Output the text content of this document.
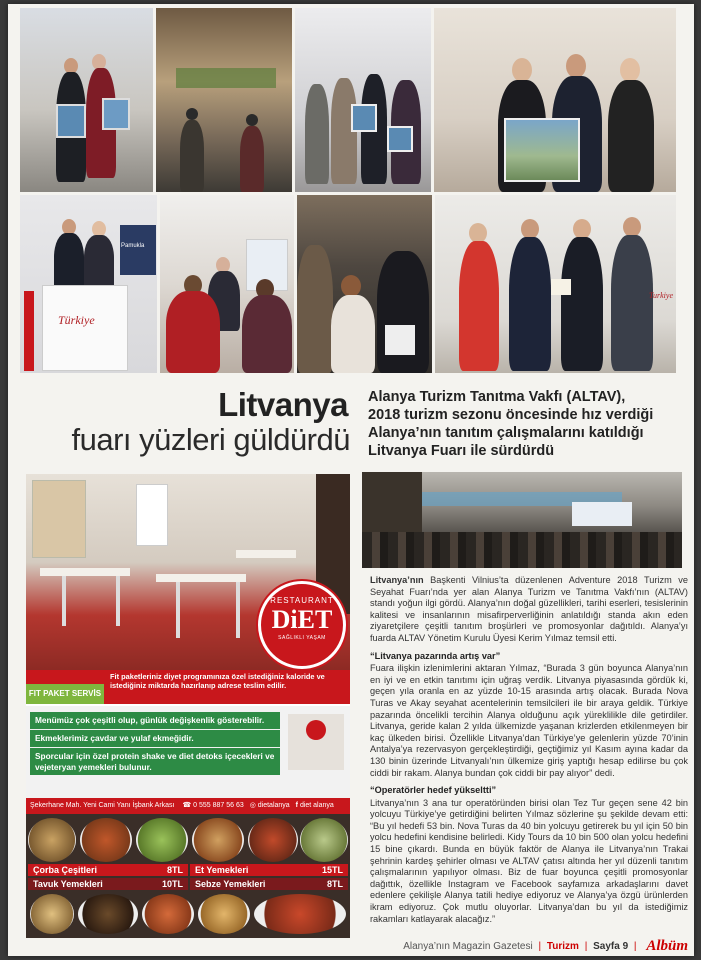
Pamukla
Türkiye
Turkiye
Litvanya
fuarı yüzleri güldürdü

Alanya Turizm Tanıtma Vakfı (ALTAV),

2018 turizm sezonu öncesinde hız verdiği

Alanya’nın tanıtım çalışmalarını katıldığı

Litvanya Fuarı ile sürdürdü

Litvanya’nın Başkenti Vilnius’ta düzenlenen Adventure 2018 Turizm ve Seyahat Fuarı’nda yer alan Alanya Turizm ve Tanıtma Vakfı’nın (ALTAV) standı yoğun ilgi gördü. Alanya’nın doğal güzellikleri, tarihi eserleri, tesislerinin kalitesi ve insanlarının misafirperverliğinin anlatıldığı standa akın eden ziyaretçilere çeşitli tanıtım broşürleri ve promosyonlar dağıtıldı. Alanya’yı fuarda ALTAV Yönetim Kurulu Üyesi Kerim Yılmaz temsil etti.

“Litvanya pazarında artış var”

Fuara ilişkin izlenimlerini aktaran Yılmaz, “Burada 3 gün boyunca Alanya’nın en iyi ve en etkin tanıtımı için uğraş verdik. Litvanya piyasasında gördük ki, geçen yıla oranla en az yüzde 10-15 arasında artış olacak. Burada Nova Turas ve Akay seyahat acentelerinin temsilcileri ile bir araya geldik. Türkiye pazarında öncelikli tercihin Alanya olduğunu açık yüreklilikle dile getirdiler. Litvanya, geride kalan 2 yılda ülkemizde yaşanan krizlerden etkilenmeyen bir kaç ülkeden birisi. Özellikle Litvanya’dan Türkiye’ye gelenlerin yüzde 70’inin Antalya’ya rezervasyon gerçekleştirdiği, geçtiğimiz yıl Kasım ayına kadar da 130 binin üzerinde Litvanyalı’nın ülkemize giriş yaptığı hesap edilirse bu çok ciddi bir rakam. Alanya bundan çok ciddi bir pay alıyor” dedi.

“Operatörler hedef yükseltti”

Litvanya’nın 3 ana tur operatöründen birisi olan Tez Tur geçen sene 42 bin yolcuyu Türkiye’ye getirdiğini belirten Yılmaz sözlerine şu şekilde devam etti: “Bu yıl hedefi 53 bin. Nova Turas da 40 bin yolcuyu getirerek bu yıl için 50 bin yolcu hedefini kendisine belirledi. Kidy Tours da 10 bin 500 olan yolcu hedefini 15 bine çıkardı. Bunda en büyük faktör de Alanya ile Litvanya’nın Trakai şehrinin kardeş şehirler olması ve ALTAV çatısı altında her yıl düzenli tanıtım çalışmalarının yapılıyor olması. Biz de fuar boyunca çeşitli promosyonlar dağıttık, özellikle Instagram ve Facebook sayfamıza arkadaşlarını davet edenlere çekilişle Alanya tatili hediye ediyoruz ve Alanya’ya özgü ürünlerden ikram ediyoruz. Çok mutlu oluyorlar. Litvanya’dan bu yıl da istediğimiz rakamları katlayarak alacağız.”

RESTAURANT
DiET
SAĞLIKLI YAŞAM
FIT PAKET SERVİS
Fit paketleriniz diyet programınıza özel istediğiniz kaloride ve istediğiniz miktarda hazırlanıp adrese teslim edilir.
Menümüz çok çeşitli olup, günlük değişkenlik gösterebilir.
Ekmeklerimiz çavdar ve yulaf ekmeğidir.
Sporcular için özel protein shake ve diet detoks içecekleri ve vejeteryan yemekleri bulunur.
Şekerhane Mah. Yeni Cami Yanı İşbank Arkası ☎ 0 555 887 56 63 ◎ dietalanya f diet alanya
Çorba Çeşitleri	8TL	Et Yemekleri	15TL
Tavuk Yemekleri	10TL	Sebze Yemekleri	8TL
Alanya’nın Magazin Gazetesi | Turizm | Sayfa 9 | Albüm
